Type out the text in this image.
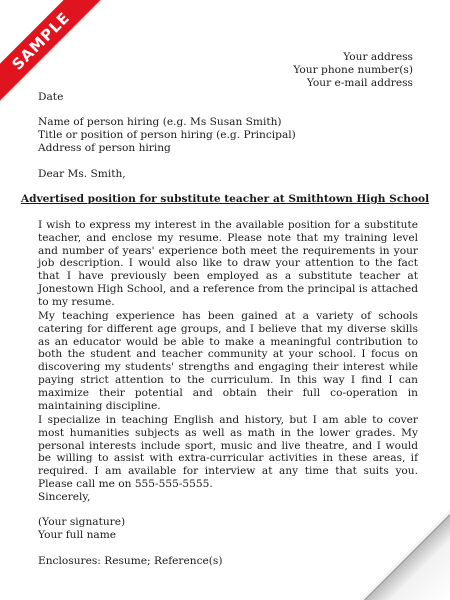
SAMPLE	Your address
Your phone number(s)
Your e-mail address
Date
Name of person hiring (e.g. Ms Susan Smith)
Title or position of person hiring (e.g. Principal)
Address of person hiring
Dear Ms. Smith,
Advertised position for substitute teacher at Smithtown High School
I wish to express my interest in the available position for a substitute teacher, and enclose my resume. Please note that my training level and number of years' experience both meet the requirements in your job description. I would also like to draw your attention to the fact that I have previously been employed as a substitute teacher at Jonestown High School, and a reference from the principal is attached to my resume.
My teaching experience has been gained at a variety of schools catering for different age groups, and I believe that my diverse skills as an educator would be able to make a meaningful contribution to both the student and teacher community at your school. I focus on discovering my students' strengths and engaging their interest while paying strict attention to the curriculum. In this way I find I can maximize their potential and obtain their full co-operation in maintaining discipline.
I specialize in teaching English and history, but I am able to cover most humanities subjects as well as math in the lower grades. My personal interests include sport, music and live theatre, and I would be willing to assist with extra-curricular activities in these areas, if required. I am available for interview at any time that suits you. Please call me on 555-555-5555.
Sincerely,
(Your signature)
Your full name
Enclosures: Resume; Reference(s)
